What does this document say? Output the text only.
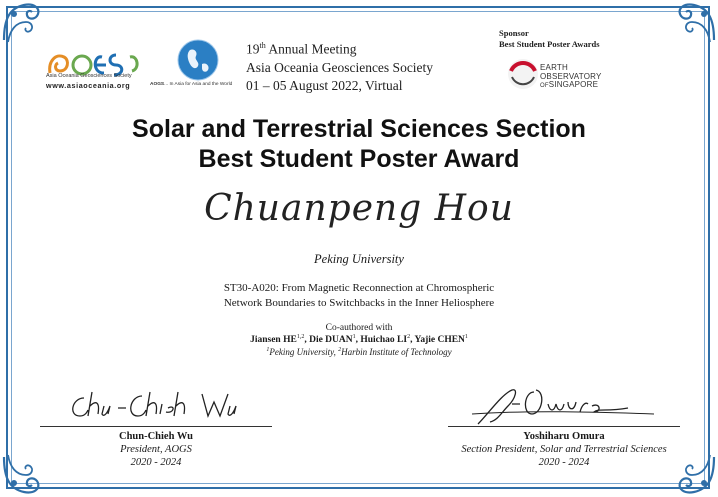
Asia Oceania Geosciences Society
www.asiaoceania.org	AOGS... In Asia for Asia and the World
19th Annual Meeting
Asia Oceania Geosciences Society
01 – 05 August 2022, Virtual
Sponsor
Best Student Poster Awards
EARTH
OBSERVATORY
OFSINGAPORE
Solar and Terrestrial Sciences Section
Best Student Poster Award
Chuanpeng Hou
Peking University
ST30-A020: From Magnetic Reconnection at Chromospheric
Network Boundaries to Switchbacks in the Inner Heliosphere
Co-authored with
Jiansen HE$^{1,2}$, Die DUAN$^1$, Huichao $LI^2$, Yajie CHEN$^1$
$^1$Peking University, $^2$Harbin Institute of Technology
Chun-Chieh Wu
President, AOGS
2020 - 2024
Yoshiharu Omura
Section President, Solar and Terrestrial Sciences
2020 - 2024
